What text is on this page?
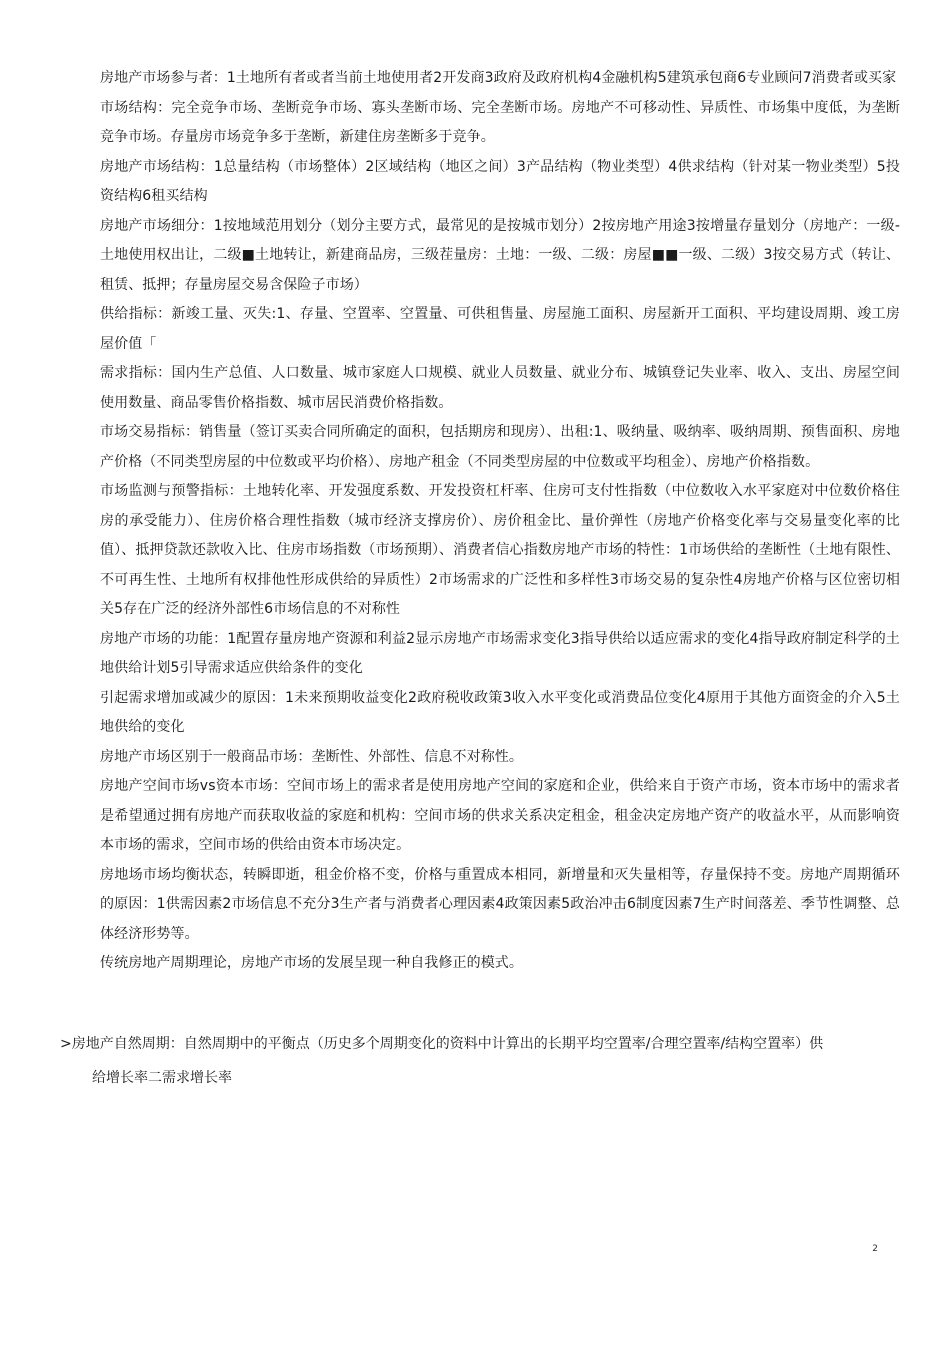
房地产市场参与者：1土地所有者或者当前土地使用者2开发商3政府及政府机构4金融机构5建筑承包商6专业顾问7消费者或买家

市场结构：完全竞争市场、垄断竞争市场、寡头垄断市场、完全垄断市场。房地产不可移动性、异质性、市场集中度低，为垄断竞争市场。存量房市场竞争多于垄断，新建住房垄断多于竞争。

房地产市场结构：1总量结构（市场整体）2区域结构（地区之间）3产品结构（物业类型）4供求结构（针对某一物业类型）5投资结构6租买结构

房地产市场细分：1按地域范用划分（划分主要方式，最常见的是按城市划分）2按房地产用途3按增量存量划分（房地产：一级-土地使用权出让，二级■土地转让，新建商品房，三级茬量房：土地：一级、二级：房屋■■一级、二级）3按交易方式（转让、租赁、抵押；存量房屋交易含保险子市场）

供给指标：新竣工量、灭失:1、存量、空置率、空置量、可供租售量、房屋施工面积、房屋新开工面积、平均建设周期、竣工房屋价值「

需求指标：国内生产总值、人口数量、城市家庭人口规模、就业人员数量、就业分布、城镇登记失业率、收入、支出、房屋空间使用数量、商品零售价格指数、城市居民消费价格指数。

市场交易指标：销售量（签订买卖合同所确定的面积，包括期房和现房）、出租:1、吸纳量、吸纳率、吸纳周期、预售面积、房地产价格（不同类型房屋的中位数或平均价格）、房地产租金（不同类型房屋的中位数或平均租金）、房地产价格指数。

市场监测与预警指标：土地转化率、开发强度系数、开发投资杠杆率、住房可支付性指数（中位数收入水平家庭对中位数价格住房的承受能力）、住房价格合理性指数（城市经济支撑房价）、房价租金比、量价弹性（房地产价格变化率与交易量变化率的比值）、抵押贷款还款收入比、住房市场指数（市场预期）、消费者信心指数房地产市场的特性：1市场供给的垄断性（土地有限性、不可再生性、土地所有权排他性形成供给的异质性）2市场需求的广泛性和多样性3市场交易的复杂性4房地产价格与区位密切相关5存在广泛的经济外部性6市场信息的不对称性

房地产市场的功能：1配置存量房地产资源和利益2显示房地产市场需求变化3指导供给以适应需求的变化4指导政府制定科学的土地供给计划5引导需求适应供给条件的变化

引起需求增加或减少的原因：1未来预期收益变化2政府税收政策3收入水平变化或消费品位变化4原用于其他方面资金的介入5土地供给的变化

房地产市场区别于一般商品市场：垄断性、外部性、信息不对称性。

房地产空间市场vs资本市场：空间市场上的需求者是使用房地产空间的家庭和企业，供给来自于资产市场，资本市场中的需求者是希望通过拥有房地产而获取收益的家庭和机构：空间市场的供求关系决定租金，租金决定房地产资产的收益水平，从而影响资本市场的需求，空间市场的供给由资本市场决定。

房地场市场均衡状态，转瞬即逝，租金价格不变，价格与重置成本相同，新增量和灭失量相等，存量保持不变。房地产周期循环的原因：1供需因素2市场信息不充分3生产者与消费者心理因素4政策因素5政治冲击6制度因素7生产时间落差、季节性调整、总体经济形势等。

传统房地产周期理论，房地产市场的发展呈现一种自我修正的模式。

>房地产自然周期：自然周期中的平衡点（历史多个周期变化的资料中计算出的长期平均空置率/合理空置率/结构空置率）供
给增长率二需求增长率

2
